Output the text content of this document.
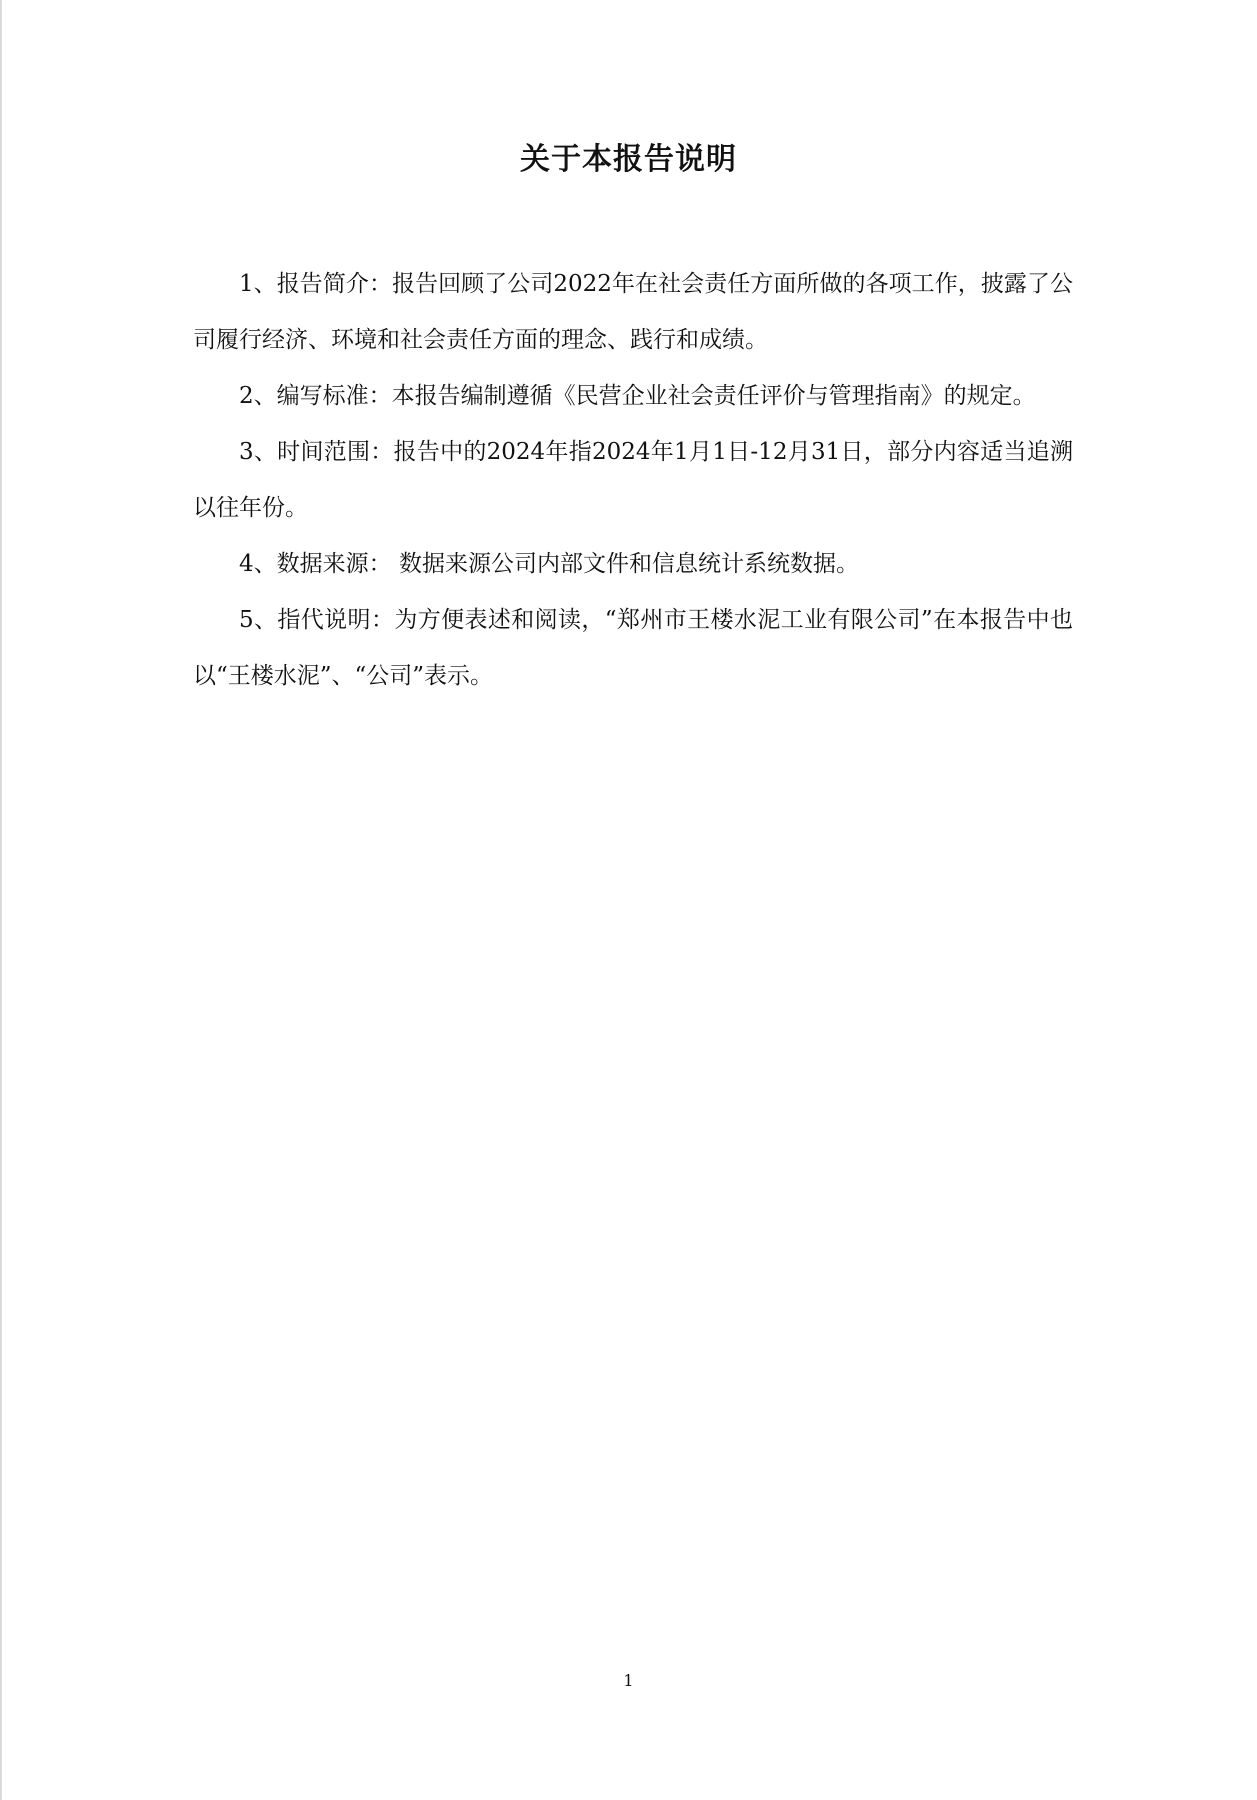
关于本报告说明

1、报告简介：报告回顾了公司2022年在社会责任方面所做的各项工作，披露了公司履行经济、环境和社会责任方面的理念、践行和成绩。

2、编写标准：本报告编制遵循《民营企业社会责任评价与管理指南》的规定。

3、时间范围：报告中的2024年指2024年1月1日-12月31日，部分内容适当追溯以往年份。

4、数据来源： 数据来源公司内部文件和信息统计系统数据。

5、指代说明：为方便表述和阅读，“郑州市王楼水泥工业有限公司”在本报告中也以“王楼水泥”、“公司”表示。

1
